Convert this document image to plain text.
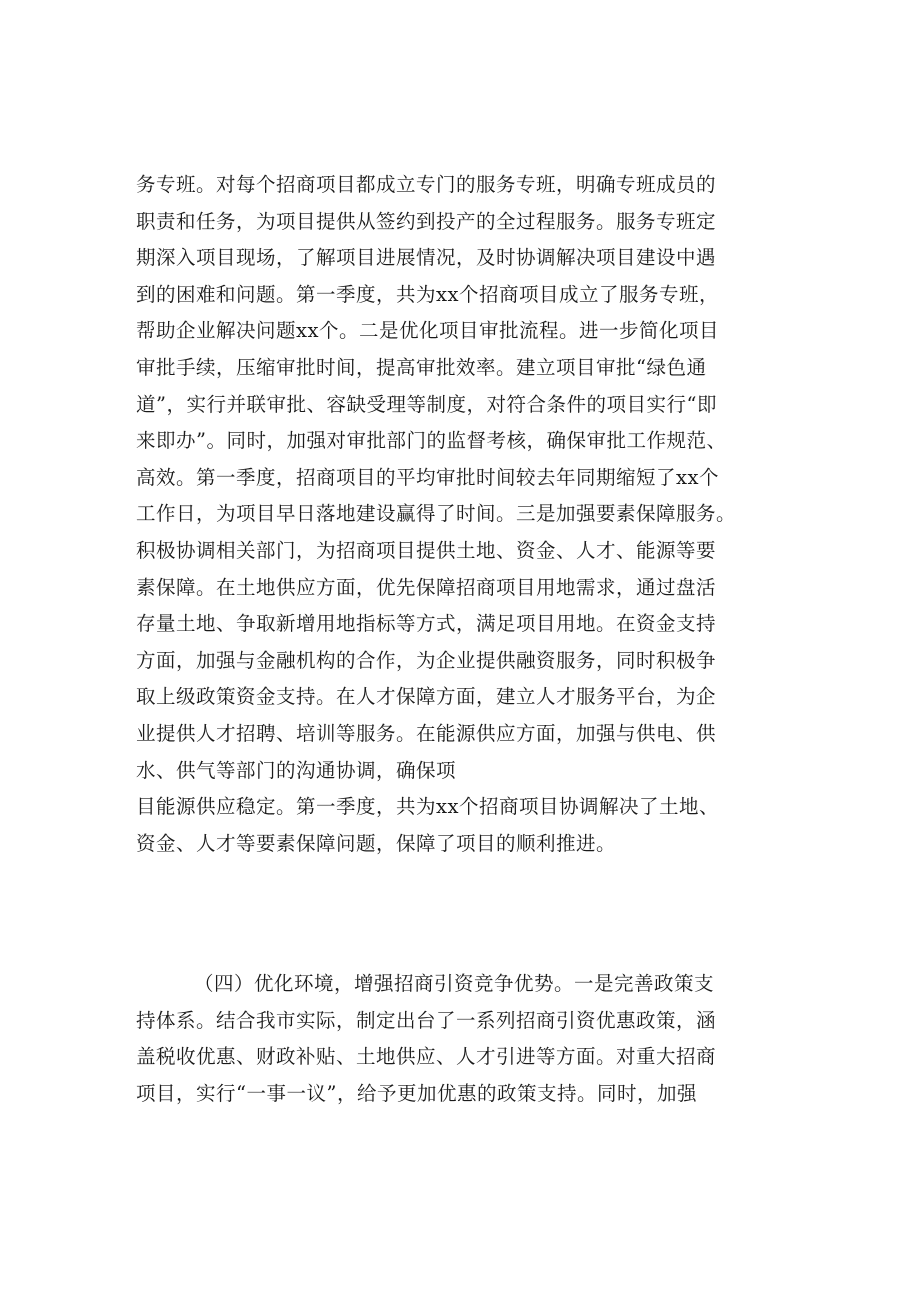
务专班。对每个招商项目都成立专门的服务专班，明确专班成员的
职责和任务，为项目提供从签约到投产的全过程服务。服务专班定
期深入项目现场，了解项目进展情况，及时协调解决项目建设中遇
到的困难和问题。第一季度，共为xx个招商项目成立了服务专班，
帮助企业解决问题xx个。二是优化项目审批流程。进一步简化项目
审批手续，压缩审批时间，提高审批效率。建立项目审批“绿色通
道”，实行并联审批、容缺受理等制度，对符合条件的项目实行“即
来即办”。同时，加强对审批部门的监督考核，确保审批工作规范、
高效。第一季度，招商项目的平均审批时间较去年同期缩短了xx个
工作日，为项目早日落地建设赢得了时间。三是加强要素保障服务。
积极协调相关部门，为招商项目提供土地、资金、人才、能源等要
素保障。在土地供应方面，优先保障招商项目用地需求，通过盘活
存量土地、争取新增用地指标等方式，满足项目用地。在资金支持
方面，加强与金融机构的合作，为企业提供融资服务，同时积极争
取上级政策资金支持。在人才保障方面，建立人才服务平台，为企
业提供人才招聘、培训等服务。在能源供应方面，加强与供电、供
水、供气等部门的沟通协调，确保项
目能源供应稳定。第一季度，共为xx个招商项目协调解决了土地、
资金、人才等要素保障问题，保障了项目的顺利推进。
（四）优化环境，增强招商引资竞争优势。一是完善政策支
持体系。结合我市实际，制定出台了一系列招商引资优惠政策，涵
盖税收优惠、财政补贴、土地供应、人才引进等方面。对重大招商
项目，实行“一事一议”，给予更加优惠的政策支持。同时，加强
